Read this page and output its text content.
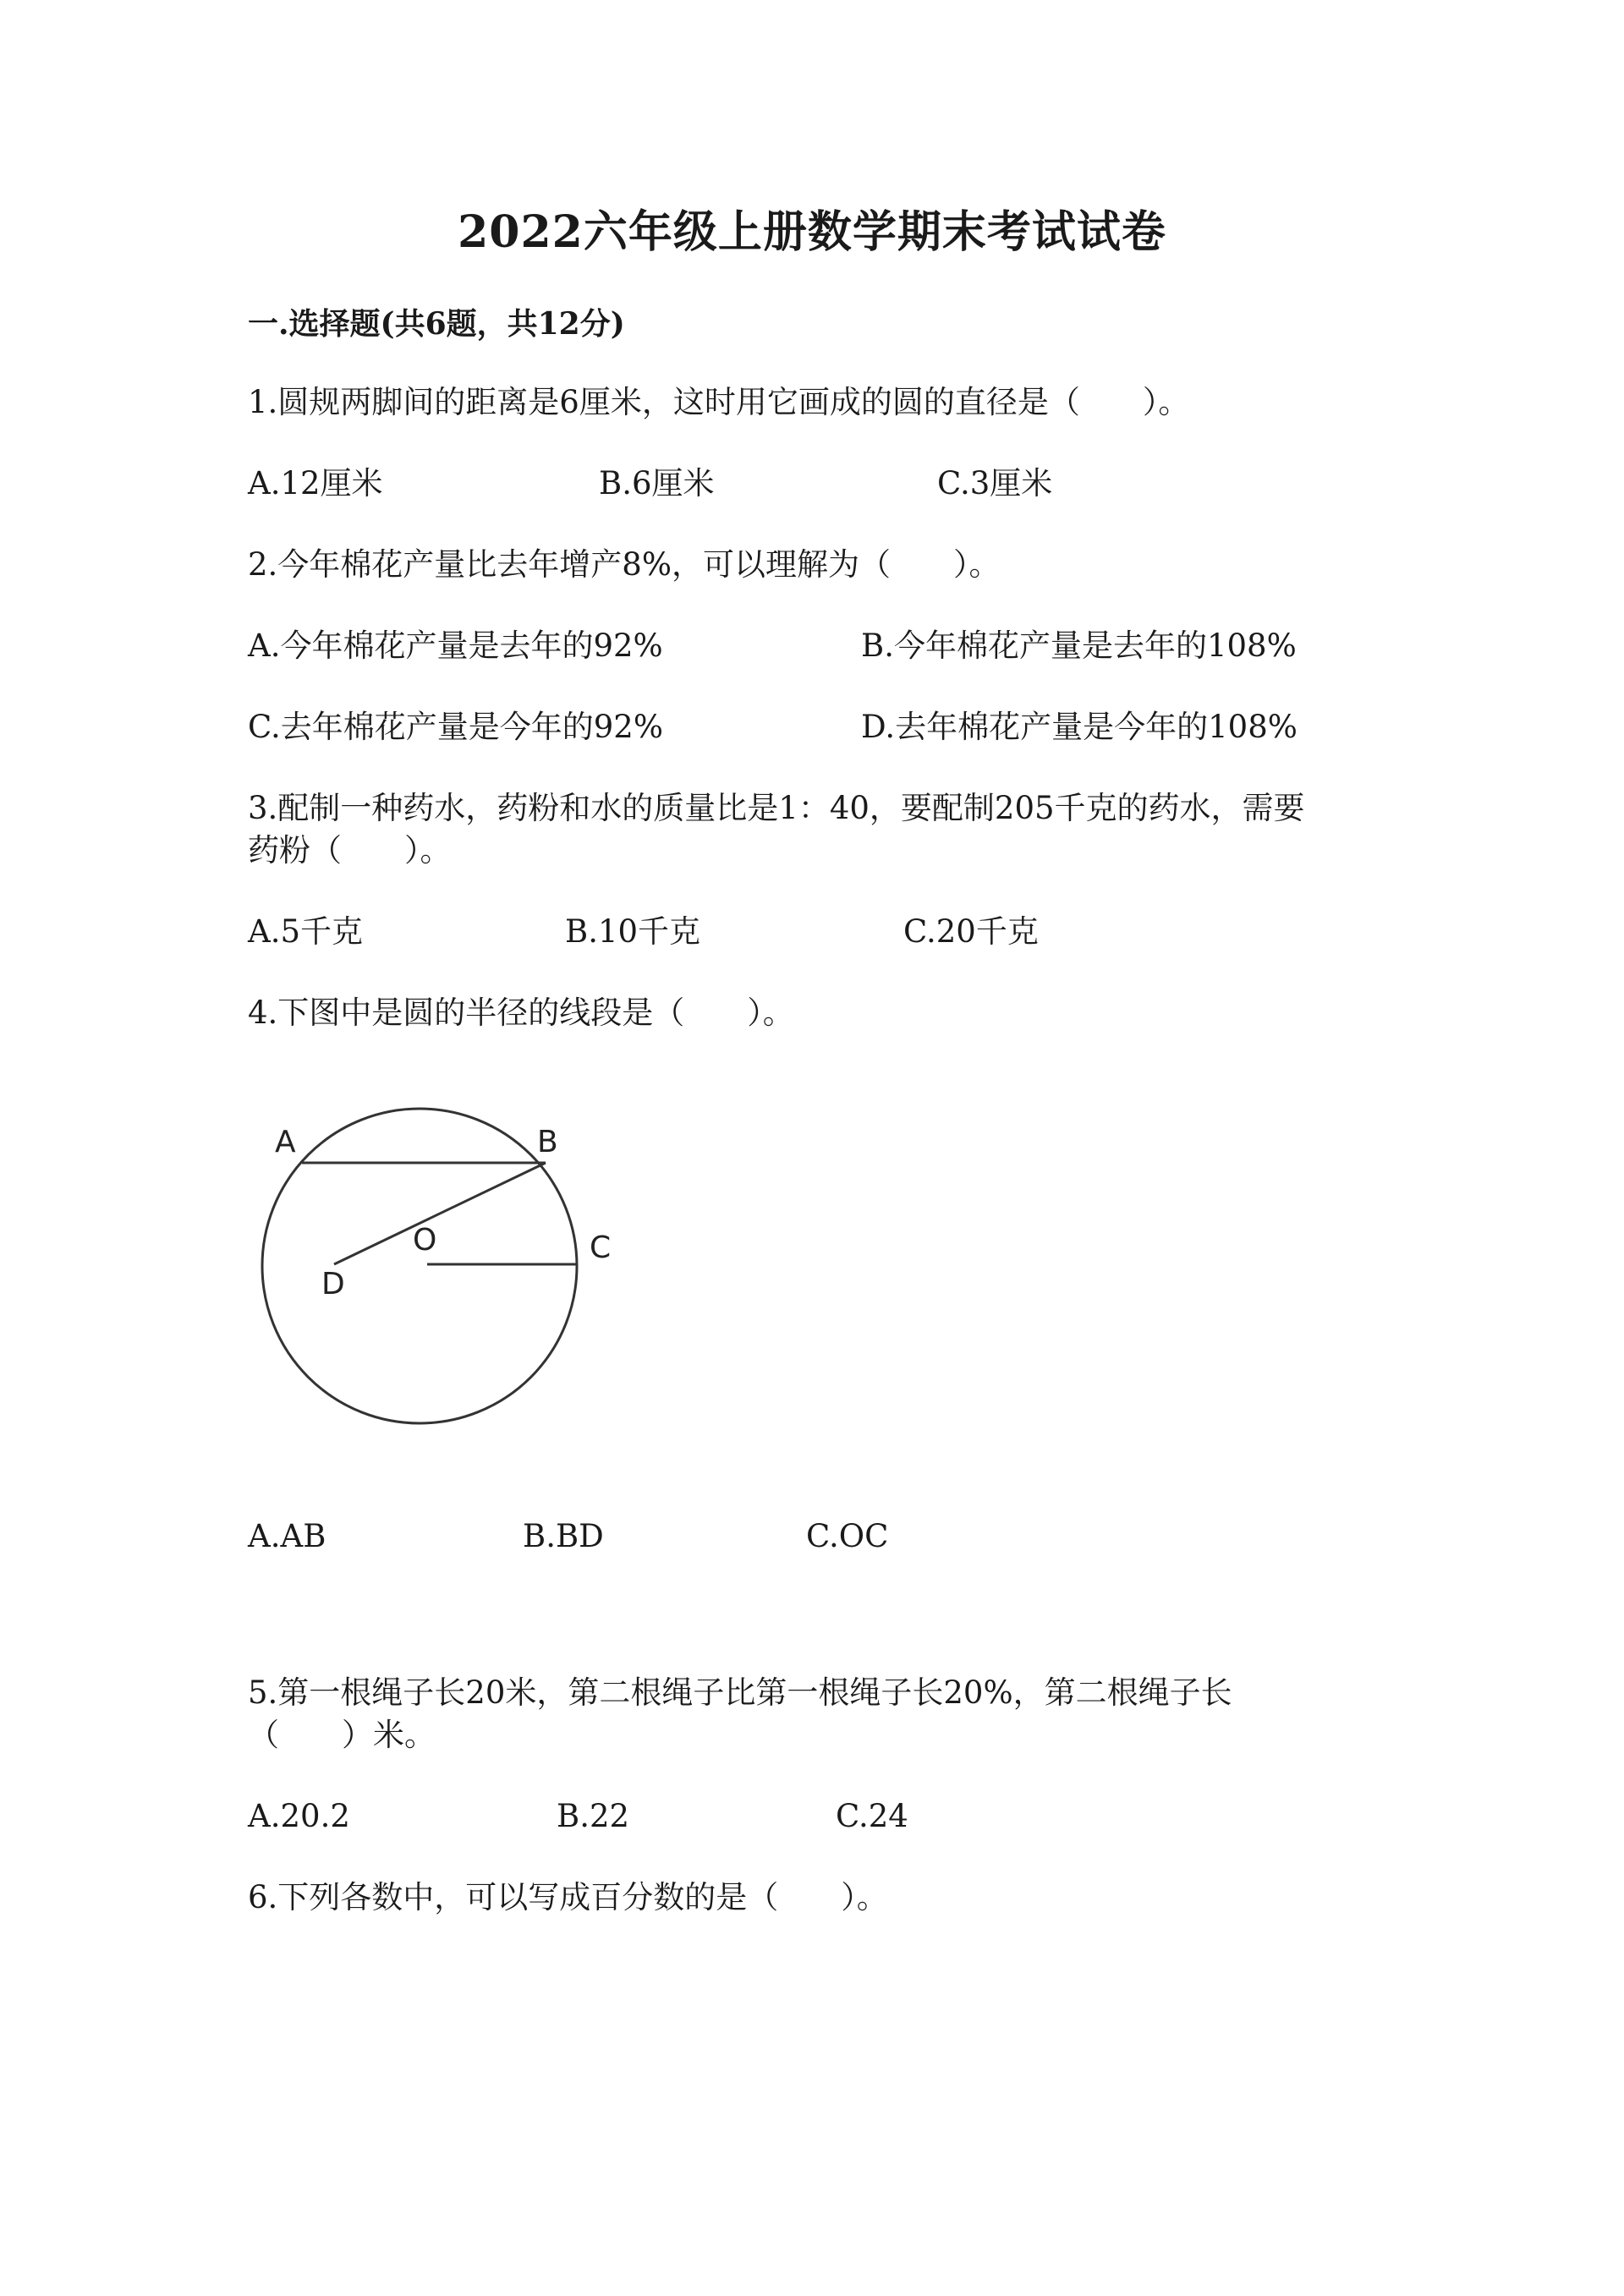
2022六年级上册数学期末考试试卷
一.选择题(共6题，共12分)
1.圆规两脚间的距离是6厘米，这时用它画成的圆的直径是（　　）。
A.12厘米	B.6厘米	C.3厘米
2.今年棉花产量比去年增产8%，可以理解为（　　）。
A.今年棉花产量是去年的92%	B.今年棉花产量是去年的108%
C.去年棉花产量是今年的92%	D.去年棉花产量是今年的108%
3.配制一种药水，药粉和水的质量比是1：40，要配制205千克的药水，需要
药粉（　　）。
A.5千克	B.10千克	C.20千克
4.下图中是圆的半径的线段是（　　）。
A	B
C
D
O
A.AB	B.BD	C.OC
5.第一根绳子长20米，第二根绳子比第一根绳子长20%，第二根绳子长
（　　）米。
A.20.2	B.22	C.24
6.下列各数中，可以写成百分数的是（　　）。
